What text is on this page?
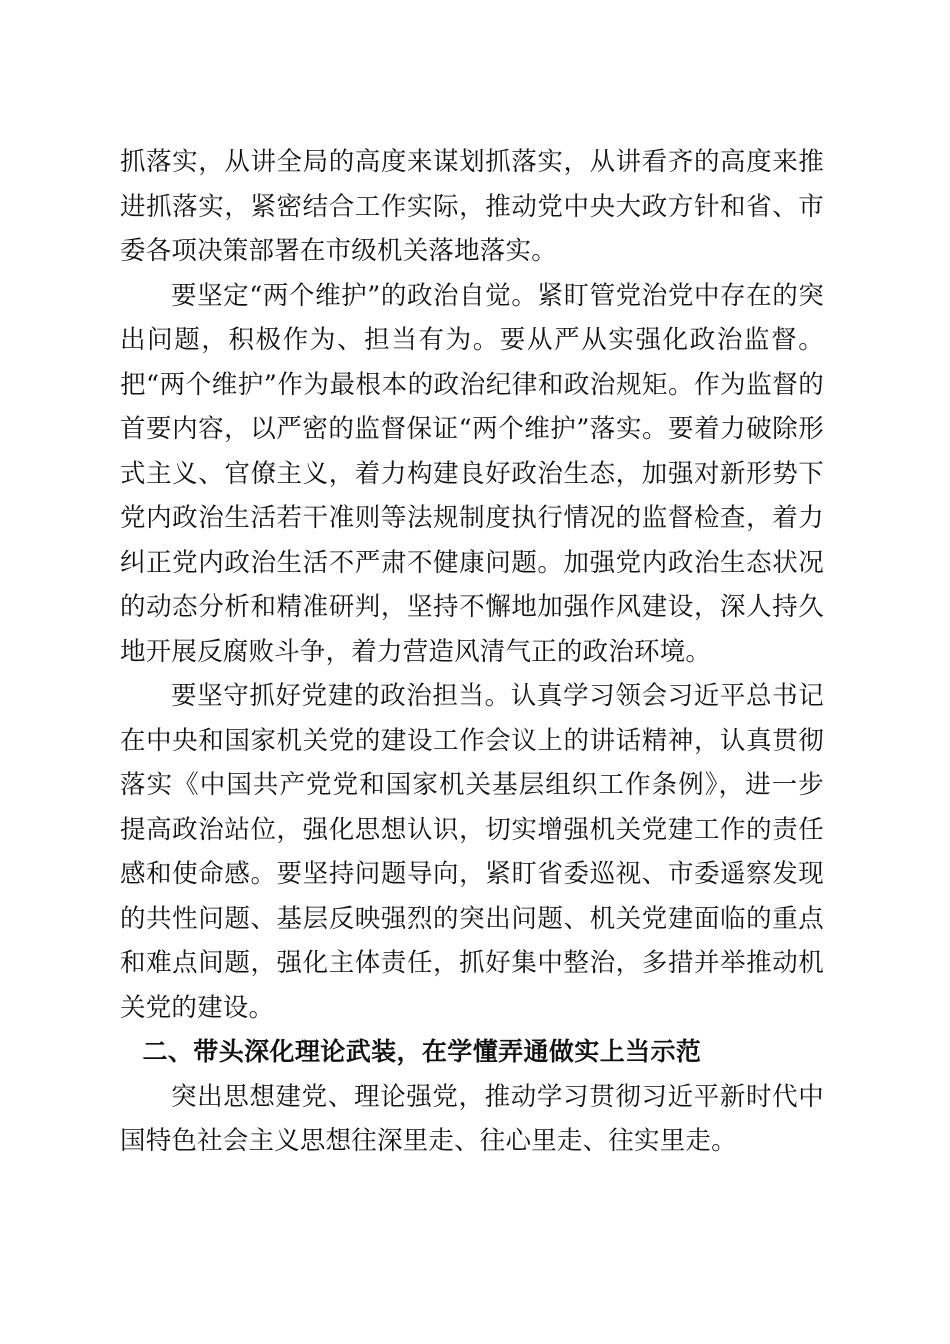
抓落实，从讲全局的高度来谋划抓落实，从讲看齐的高度来推进抓落实，紧密结合工作实际，推动党中央大政方针和省、市委各项决策部署在市级机关落地落实。

要坚定“两个维护”的政治自觉。紧盯管党治党中存在的突出问题，积极作为、担当有为。要从严从实强化政治监督。把“两个维护”作为最根本的政治纪律和政治规矩。作为监督的首要内容，以严密的监督保证“两个维护”落实。要着力破除形式主义、官僚主义，着力构建良好政治生态，加强对新形势下党内政治生活若干准则等法规制度执行情况的监督检查，着力纠正党内政治生活不严肃不健康问题。加强党内政治生态状况的动态分析和精准研判，坚持不懈地加强作风建设，深人持久地开展反腐败斗争，着力营造风清气正的政治环境。

要坚守抓好党建的政治担当。认真学习领会习近平总书记在中央和国家机关党的建设工作会议上的讲话精神，认真贯彻落实《中国共产党党和国家机关基层组织工作条例》，进一步提高政治站位，强化思想认识，切实增强机关党建工作的责任感和使命感。要坚持问题导向，紧盯省委巡视、市委遥察发现的共性问题、基层反映强烈的突出问题、机关党建面临的重点和难点间题，强化主体责任，抓好集中整治，多措并举推动机关党的建设。

二、带头深化理论武装，在学懂弄通做实上当示范

突出思想建党、理论强党，推动学习贯彻习近平新时代中国特色社会主义思想往深里走、往心里走、往实里走。
